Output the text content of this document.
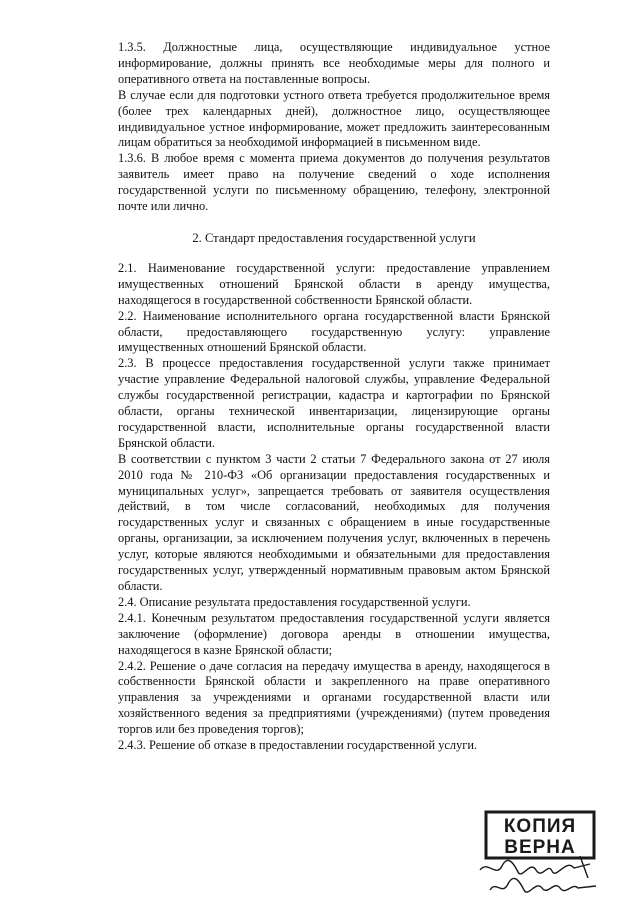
1.3.5. Должностные лица, осуществляющие индивидуальное устное информирование, должны принять все необходимые меры для полного и оперативного ответа на поставленные вопросы.

В случае если для подготовки устного ответа требуется продолжительное время (более трех календарных дней), должностное лицо, осуществляющее индивидуальное устное информирование, может предложить заинтересованным лицам обратиться за необходимой информацией в письменном виде.

1.3.6. В любое время с момента приема документов до получения результатов заявитель имеет право на получение сведений о ходе исполнения государственной услуги по письменному обращению, телефону, электронной почте или лично.

2. Стандарт предоставления государственной услуги

2.1. Наименование государственной услуги: предоставление управлением имущественных отношений Брянской области в аренду имущества, находящегося в государственной собственности Брянской области.

2.2. Наименование исполнительного органа государственной власти Брянской области, предоставляющего государственную услугу: управление имущественных отношений Брянской области.

2.3. В процессе предоставления государственной услуги также принимает участие управление Федеральной налоговой службы, управление Федеральной службы государственной регистрации, кадастра и картографии по Брянской области, органы технической инвентаризации, лицензирующие органы государственной власти, исполнительные органы государственной власти Брянской области.

В соответствии с пунктом 3 части 2 статьи 7 Федерального закона от 27 июля 2010 года № 210-ФЗ «Об организации предоставления государственных и муниципальных услуг», запрещается требовать от заявителя осуществления действий, в том числе согласований, необходимых для получения государственных услуг и связанных с обращением в иные государственные органы, организации, за исключением получения услуг, включенных в перечень услуг, которые являются необходимыми и обязательными для предоставления государственных услуг, утвержденный нормативным правовым актом Брянской области.

2.4. Описание результата предоставления государственной услуги.

2.4.1. Конечным результатом предоставления государственной услуги является заключение (оформление) договора аренды в отношении имущества, находящегося в казне Брянской области;

2.4.2. Решение о даче согласия на передачу имущества в аренду, находящегося в собственности Брянской области и закрепленного на праве оперативного управления за учреждениями и органами государственной власти или хозяйственного ведения за предприятиями (учреждениями) (путем проведения торгов или без проведения торгов);

2.4.3. Решение об отказе в предоставлении государственной услуги.

КОПИЯ
ВЕРНА
